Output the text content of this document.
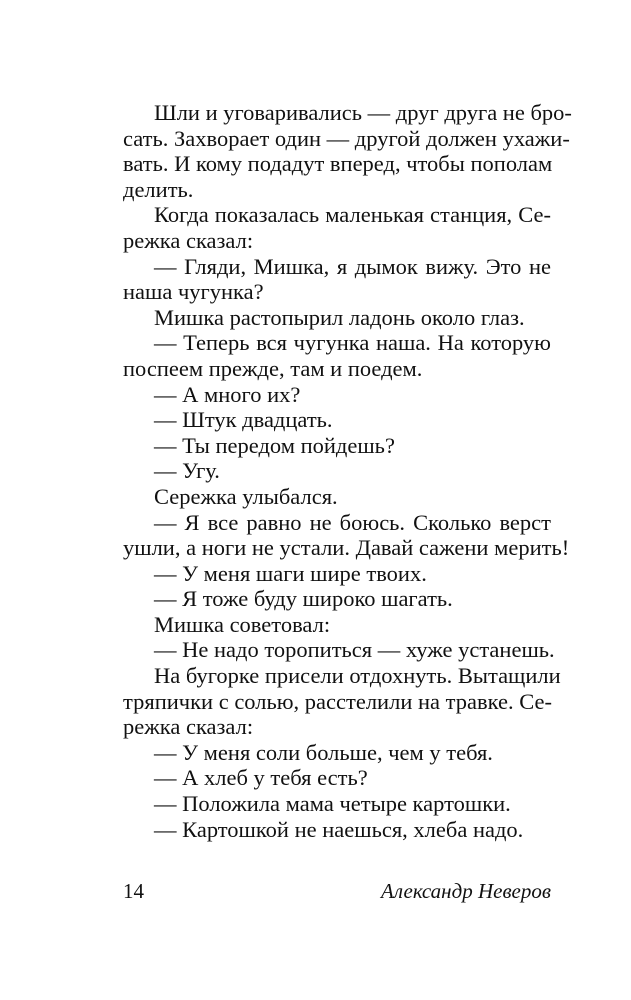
Шли и уговаривались — друг друга не бро-
сать. Захворает один — другой должен ухажи-
вать. И кому подадут вперед, чтобы пополам
делить.
Когда показалась маленькая станция, Се-
режка сказал:
— Гляди, Мишка, я дымок вижу. Это не
наша чугунка?
Мишка растопырил ладонь около глаз.
— Теперь вся чугунка наша. На которую
поспеем прежде, там и поедем.
— А много их?
— Штук двадцать.
— Ты передом пойдешь?
— Угу.
Сережка улыбался.
— Я все равно не боюсь. Сколько верст
ушли, а ноги не устали. Давай сажени мерить!
— У меня шаги шире твоих.
— Я тоже буду широко шагать.
Мишка советовал:
— Не надо торопиться — хуже устанешь.
На бугорке присели отдохнуть. Вытащили
тряпички с солью, расстелили на травке. Се-
режка сказал:
— У меня соли больше, чем у тебя.
— А хлеб у тебя есть?
— Положила мама четыре картошки.
— Картошкой не наешься, хлеба надо.
14	Александр Неверов
